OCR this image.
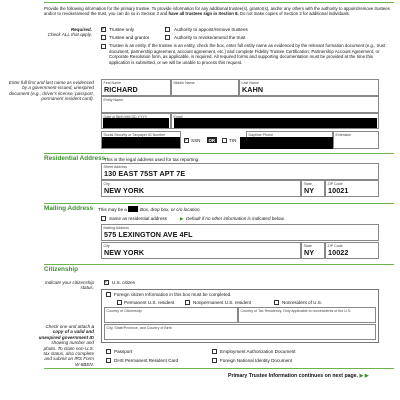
Provide the following information for the primary trustee. To provide information for any additional trustee(s), grantor(s), and/or any others with the authority to appoint/remove trustees and/or to revoke/amend the trust, you can do so in Section 3 and have all trustees sign in Section 8. Do not make copies of Section 2 for additional individuals.
Required.
Check ALL that apply.
✓ Trustee only	Authority to appoint/remove trustees
Trustee and grantor	Authority to revoke/amend the trust
Trustee is an entity. If the trustee is an entity, check the box, enter full entity name as evidenced by the relevant formation document (e.g., trust document, partnership agreement, account agreement, etc.) and complete Fidelity Trustee Certification, Partnership Account Agreement, or Corporate Resolution form, as applicable, is required. All required forms and supporting documentation must be provided at the time this application is submitted, or we will be unable to process this request.
Enter full first and last name as evidenced by a government-issued, unexpired document (e.g., driver's license, passport, permanent resident card).
First Name
RICHARD
Middle Name	Last Name
KAHN
Entity Name
Date of Birth MM DD YYYY	Email
Social Security or Taxpayer ID Number
✓ SSN	OR	TIN
Daytime Phone	Extension
Residential Address
This is the legal address used for tax reporting.
Street Address
130 EAST 75ST APT 7E
City
NEW YORK
State
NY
ZIP Code
10021
Mailing Address This may be a	Box, drop box, or c/o location.
Same as residential address	▶ Default if no other information is indicated below.
Mailing Address
575 LEXINGTON AVE 4FL
City
NEW YORK
State
NY
ZIP Code
10022
Citizenship
Indicate your citizenship status.
✓ U.S. citizen
Foreign citizen Information in this box must be completed.
Permanent U.S. resident	Nonpermanent U.S. resident	Nonresident of U.S.
Country of Citizenship	Country of Tax Residency. Only applicable to nonresidents of the U.S.
City, State/Province, and Country of Birth
Check one and attach a copy of a valid and unexpired government ID showing number and photo. To claim non-U.S. tax status, also complete and submit an IRS Form W-8BEN.
Passport	Employment Authorization Document
DHS Permanent Resident Card	Foreign National Identity Document
Primary Trustee Information continues on next page. ▶ ▶
